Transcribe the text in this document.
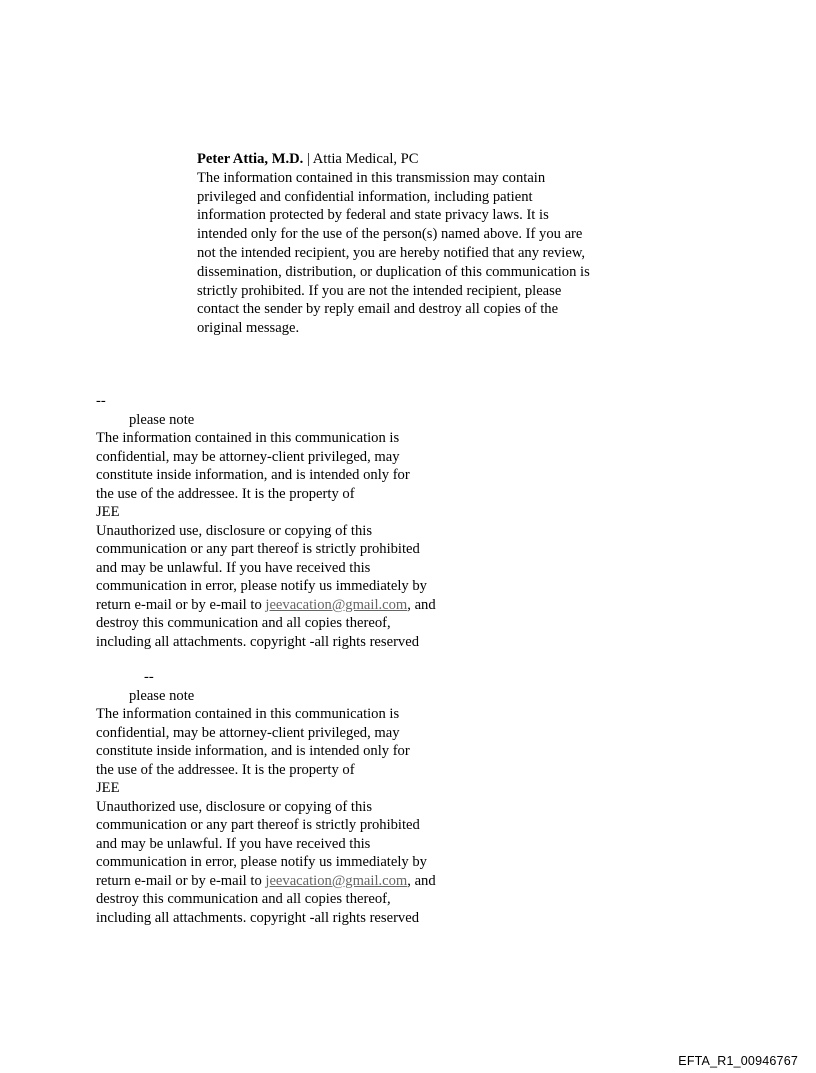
Peter Attia, M.D. | Attia Medical, PC
The information contained in this transmission may contain
privileged and confidential information, including patient
information protected by federal and state privacy laws. It is
intended only for the use of the person(s) named above. If you are
not the intended recipient, you are hereby notified that any review,
dissemination, distribution, or duplication of this communication is
strictly prohibited. If you are not the intended recipient, please
contact the sender by reply email and destroy all copies of the
original message.
--
please note
The information contained in this communication is
confidential, may be attorney-client privileged, may
constitute inside information, and is intended only for
the use of the addressee. It is the property of
JEE
Unauthorized use, disclosure or copying of this
communication or any part thereof is strictly prohibited
and may be unlawful. If you have received this
communication in error, please notify us immediately by
return e-mail or by e-mail to jeevacation@gmail.com, and
destroy this communication and all copies thereof,
including all attachments. copyright -all rights reserved
--
please note
The information contained in this communication is
confidential, may be attorney-client privileged, may
constitute inside information, and is intended only for
the use of the addressee. It is the property of
JEE
Unauthorized use, disclosure or copying of this
communication or any part thereof is strictly prohibited
and may be unlawful. If you have received this
communication in error, please notify us immediately by
return e-mail or by e-mail to jeevacation@gmail.com, and
destroy this communication and all copies thereof,
including all attachments. copyright -all rights reserved
EFTA_R1_00946767
